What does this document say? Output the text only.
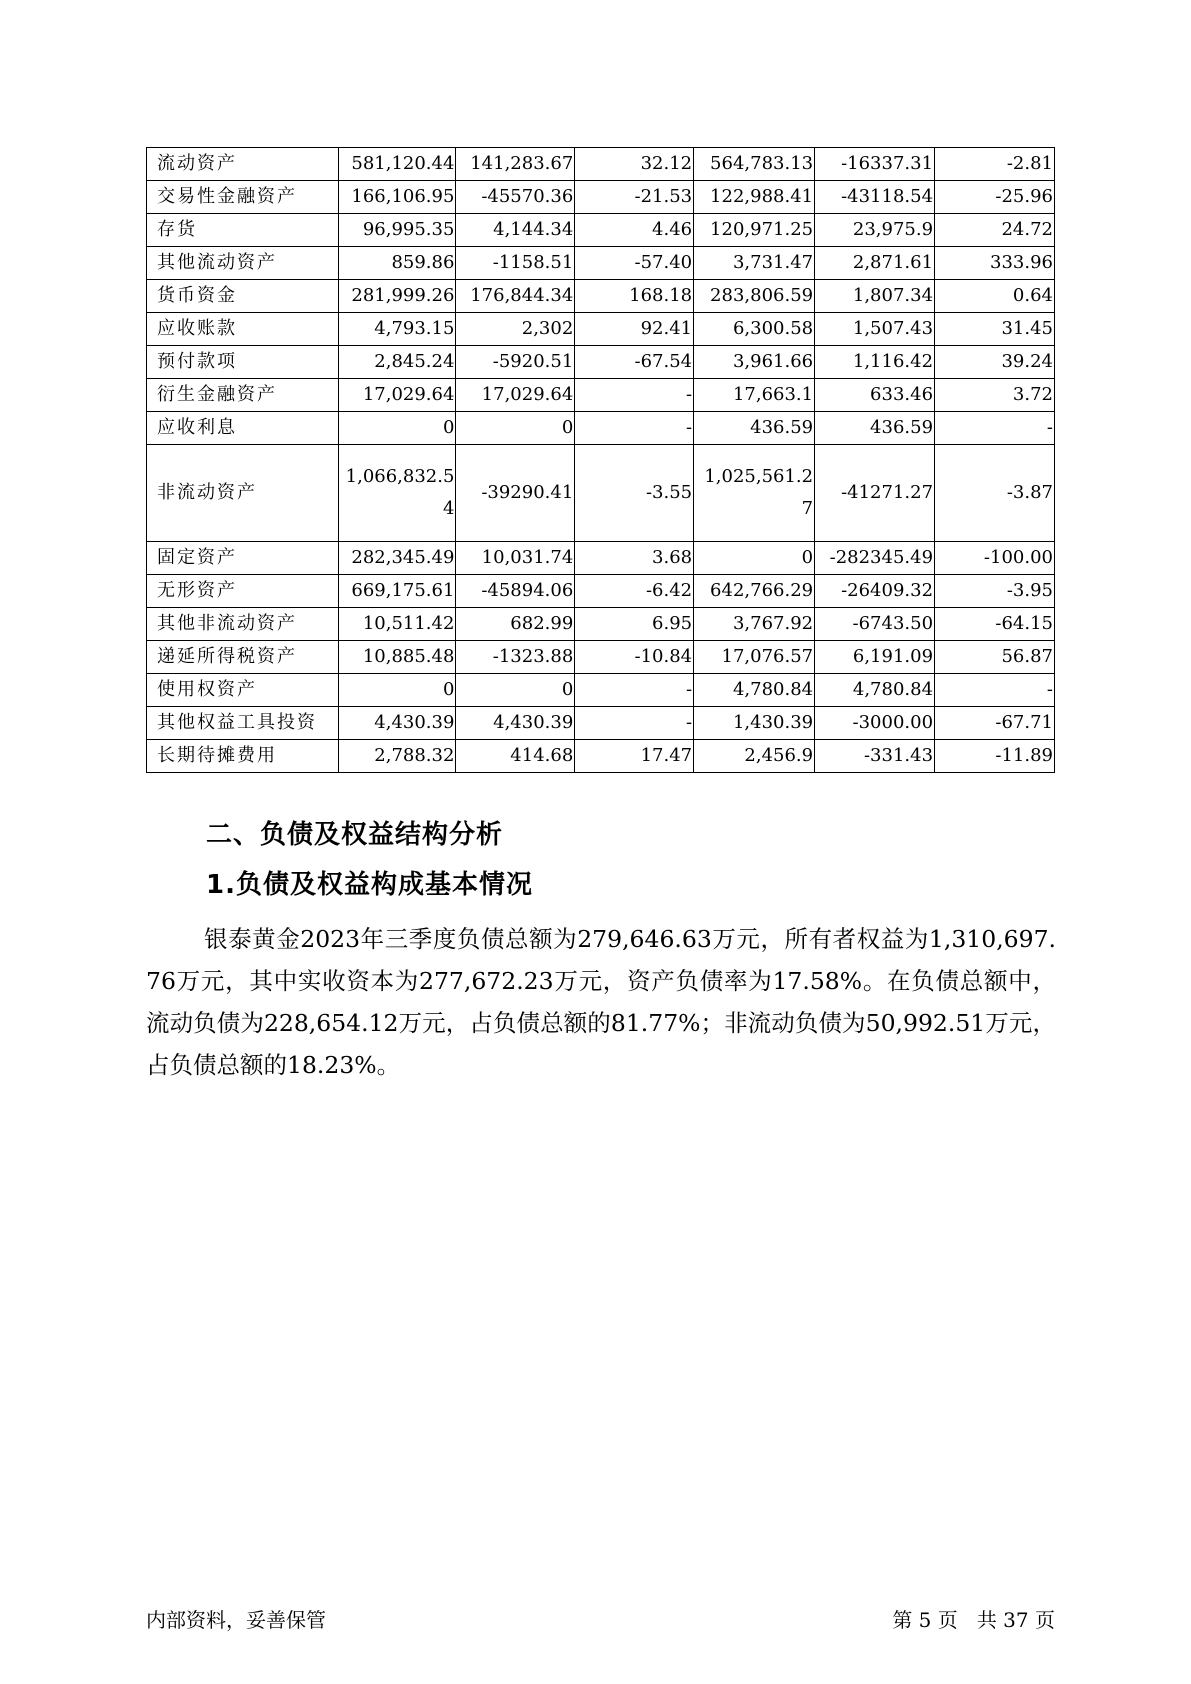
流动资产	581,120.44	141,283.67	32.12	564,783.13	-16337.31	-2.81
交易性金融资产	166,106.95	-45570.36	-21.53	122,988.41	-43118.54	-25.96
存货	96,995.35	4,144.34	4.46	120,971.25	23,975.9	24.72
其他流动资产	859.86	-1158.51	-57.40	3,731.47	2,871.61	333.96
货币资金	281,999.26	176,844.34	168.18	283,806.59	1,807.34	0.64
应收账款	4,793.15	2,302	92.41	6,300.58	1,507.43	31.45
预付款项	2,845.24	-5920.51	-67.54	3,961.66	1,116.42	39.24
衍生金融资产	17,029.64	17,029.64	-	17,663.1	633.46	3.72
应收利息	0	0	-	436.59	436.59	-
非流动资产	1,066,832.54	-39290.41	-3.55	1,025,561.27	-41271.27	-3.87
固定资产	282,345.49	10,031.74	3.68	0	-282345.49	-100.00
无形资产	669,175.61	-45894.06	-6.42	642,766.29	-26409.32	-3.95
其他非流动资产	10,511.42	682.99	6.95	3,767.92	-6743.50	-64.15
递延所得税资产	10,885.48	-1323.88	-10.84	17,076.57	6,191.09	56.87
使用权资产	0	0	-	4,780.84	4,780.84	-
其他权益工具投资	4,430.39	4,430.39	-	1,430.39	-3000.00	-67.71
长期待摊费用	2,788.32	414.68	17.47	2,456.9	-331.43	-11.89
二、负债及权益结构分析
1.负债及权益构成基本情况

银泰黄金2023年三季度负债总额为279,646.63万元，所有者权益为1,310,697.76万元，其中实收资本为277,672.23万元，资产负债率为17.58%。在负债总额中，流动负债为228,654.12万元，占负债总额的81.77%；非流动负债为50,992.51万元，占负债总额的18.23%。

内部资料，妥善保管	第 5 页   共 37 页
